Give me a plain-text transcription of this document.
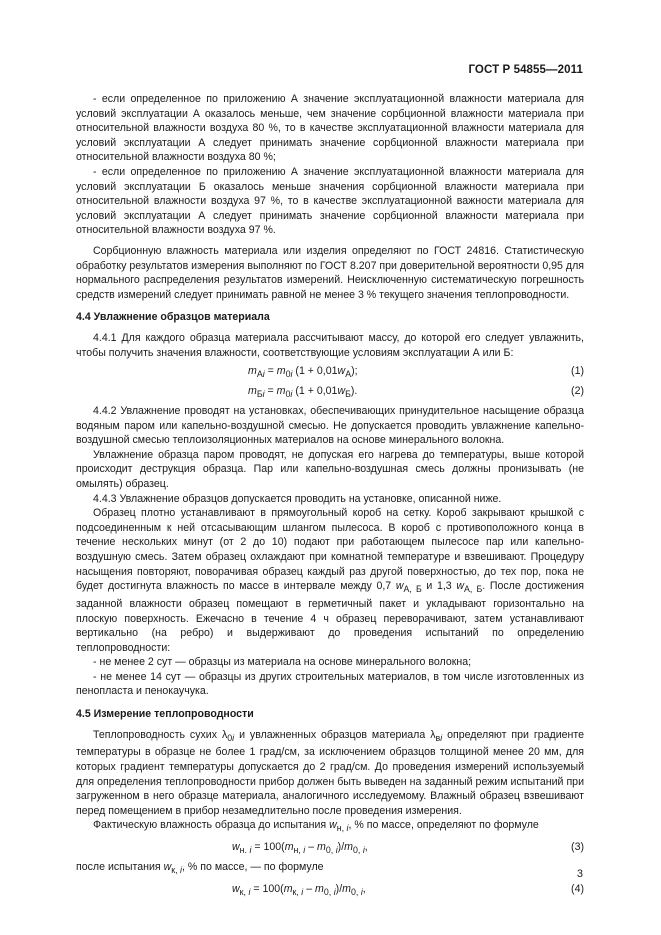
ГОСТ Р 54855—2011

- если определенное по приложению А значение эксплуатационной влажности материала для условий эксплуатации А оказалось меньше, чем значение сорбционной влажности материала при относительной влажности воздуха 80 %, то в качестве эксплуатационной влажности материала для условий эксплуатации А следует принимать значение сорбционной влажности материала при относительной влажности воздуха 80 %;

- если определенное по приложению А значение эксплуатационной влажности материала для условий эксплуатации Б оказалось меньше значения сорбционной влажности материала при относительной влажности воздуха 97 %, то в качестве эксплуатационной важности материала для условий эксплуатации А следует принимать значение сорбционной влажности материала при относительной влажности воздуха 97 %.

Сорбционную влажность материала или изделия определяют по ГОСТ 24816. Статистическую обработку результатов измерения выполняют по ГОСТ 8.207 при доверительной вероятности 0,95 для нормального распределения результатов измерений. Неисключенную систематическую погрешность средств измерений следует принимать равной не менее 3 % текущего значения теплопроводности.

4.4 Увлажнение образцов материала

4.4.1 Для каждого образца материала рассчитывают массу, до которой его следует увлажнить, чтобы получить значения влажности, соответствующие условиям эксплуатации А или Б:

$m_{Аi} = m_{0i}$ $(1 + 0,01w_А)$;	(1)
$m_{Бi} = m_{0i}$ $(1 + 0,01w_Б)$.	(2)

4.4.2 Увлажнение проводят на установках, обеспечивающих принудительное насыщение образца водяным паром или капельно-воздушной смесью. Не допускается проводить увлажнение капельно-воздушной смесью теплоизоляционных материалов на основе минерального волокна.

Увлажнение образца паром проводят, не допуская его нагрева до температуры, выше которой происходит деструкция образца. Пар или капельно-воздушная смесь должны пронизывать (не омылять) образец.

4.4.3 Увлажнение образцов допускается проводить на установке, описанной ниже.

Образец плотно устанавливают в прямоугольный короб на сетку. Короб закрывают крышкой с подсоединенным к ней отсасывающим шлангом пылесоса. В короб с противоположного конца в течение нескольких минут (от 2 до 10) подают при работающем пылесосе пар или капельно-воздушную смесь. Затем образец охлаждают при комнатной температуре и взвешивают. Процедуру насыщения повторяют, поворачивая образец каждый раз другой поверхностью, до тех пор, пока не будет достигнута влажность по массе в интервале между 0,7 $w_{А, Б}$ и 1,3 $w_{А, Б}$. После достижения заданной влажности образец помещают в герметичный пакет и укладывают горизонтально на плоскую поверхность. Ежечасно в течение 4 ч образец переворачивают, затем устанавливают вертикально (на ребро) и выдерживают до проведения испытаний по определению теплопроводности:

- не менее 2 сут — образцы из материала на основе минерального волокна;

- не менее 14 сут — образцы из других строительных материалов, в том числе изготовленных из пенопласта и пенокаучука.

4.5 Измерение теплопроводности

Теплопроводность сухих $\lambda_{0i}$ и увлажненных образцов материала $\lambda_{вi}$ определяют при градиенте температуры в образце не более 1 град/см, за исключением образцов толщиной менее 20 мм, для которых градиент температуры допускается до 2 град/см. До проведения измерений используемый для определения теплопроводности прибор должен быть выведен на заданный режим испытаний при загруженном в него образце материала, аналогичного исследуемому. Влажный образец взвешивают перед помещением в прибор незамедлительно после проведения измерения.

Фактическую влажность образца до испытания $w_{н, i}$, % по массе, определяют по формуле

$w_{н. i} = 100(m_{н, i} - m_{0, i})/m_{0, i}$,	(3)

после испытания $w_{к, i}$, % по массе, — по формуле

$w_{к, i} = 100(m_{к, i} - m_{0, i})/m_{0, i}$,	(4)
3
